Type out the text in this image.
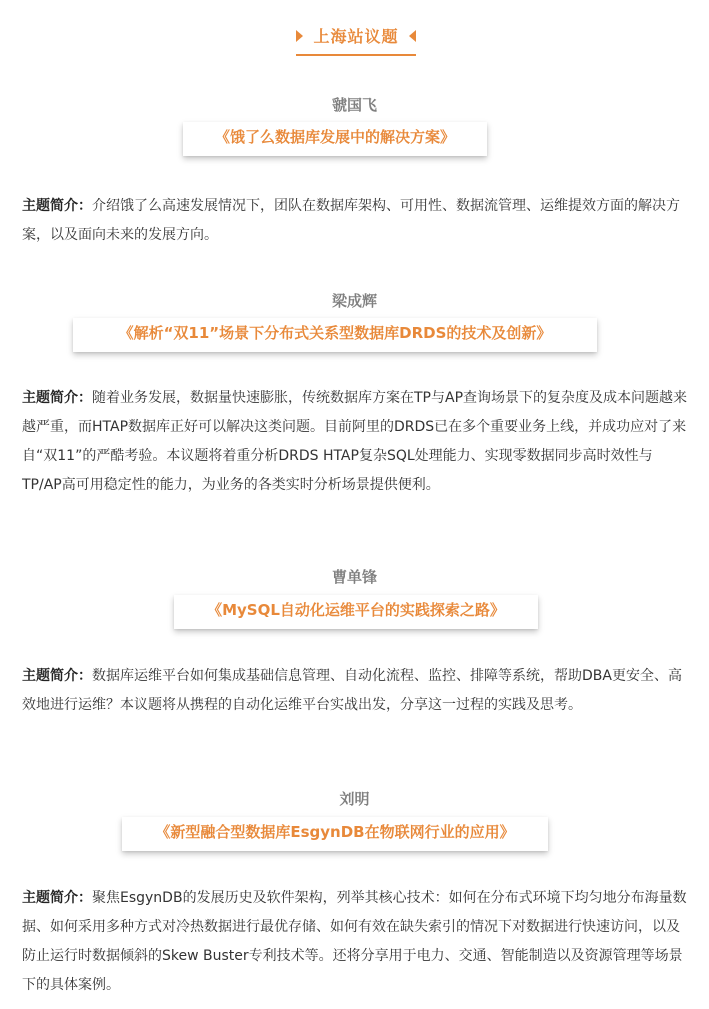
上海站议题
虢国飞
《饿了么数据库发展中的解决方案》

主题简介：介绍饿了么高速发展情况下，团队在数据库架构、可用性、数据流管理、运维提效方面的解决方案，以及面向未来的发展方向。

梁成辉
《解析“双11”场景下分布式关系型数据库DRDS的技术及创新》

主题简介：随着业务发展，数据量快速膨胀，传统数据库方案在TP与AP查询场景下的复杂度及成本问题越来越严重，而HTAP数据库正好可以解决这类问题。目前阿里的DRDS已在多个重要业务上线，并成功应对了来自“双11”的严酷考验。本议题将着重分析DRDS HTAP复杂SQL处理能力、实现零数据同步高时效性与TP/AP高可用稳定性的能力，为业务的各类实时分析场景提供便利。

曹单锋
《MySQL自动化运维平台的实践探索之路》

主题简介：数据库运维平台如何集成基础信息管理、自动化流程、监控、排障等系统，帮助DBA更安全、高效地进行运维？本议题将从携程的自动化运维平台实战出发，分享这一过程的实践及思考。

刘明
《新型融合型数据库EsgynDB在物联网行业的应用》

主题简介：聚焦EsgynDB的发展历史及软件架构，列举其核心技术：如何在分布式环境下均匀地分布海量数据、如何采用多种方式对冷热数据进行最优存储、如何有效在缺失索引的情况下对数据进行快速访问，以及防止运行时数据倾斜的Skew Buster专利技术等。还将分享用于电力、交通、智能制造以及资源管理等场景下的具体案例。
